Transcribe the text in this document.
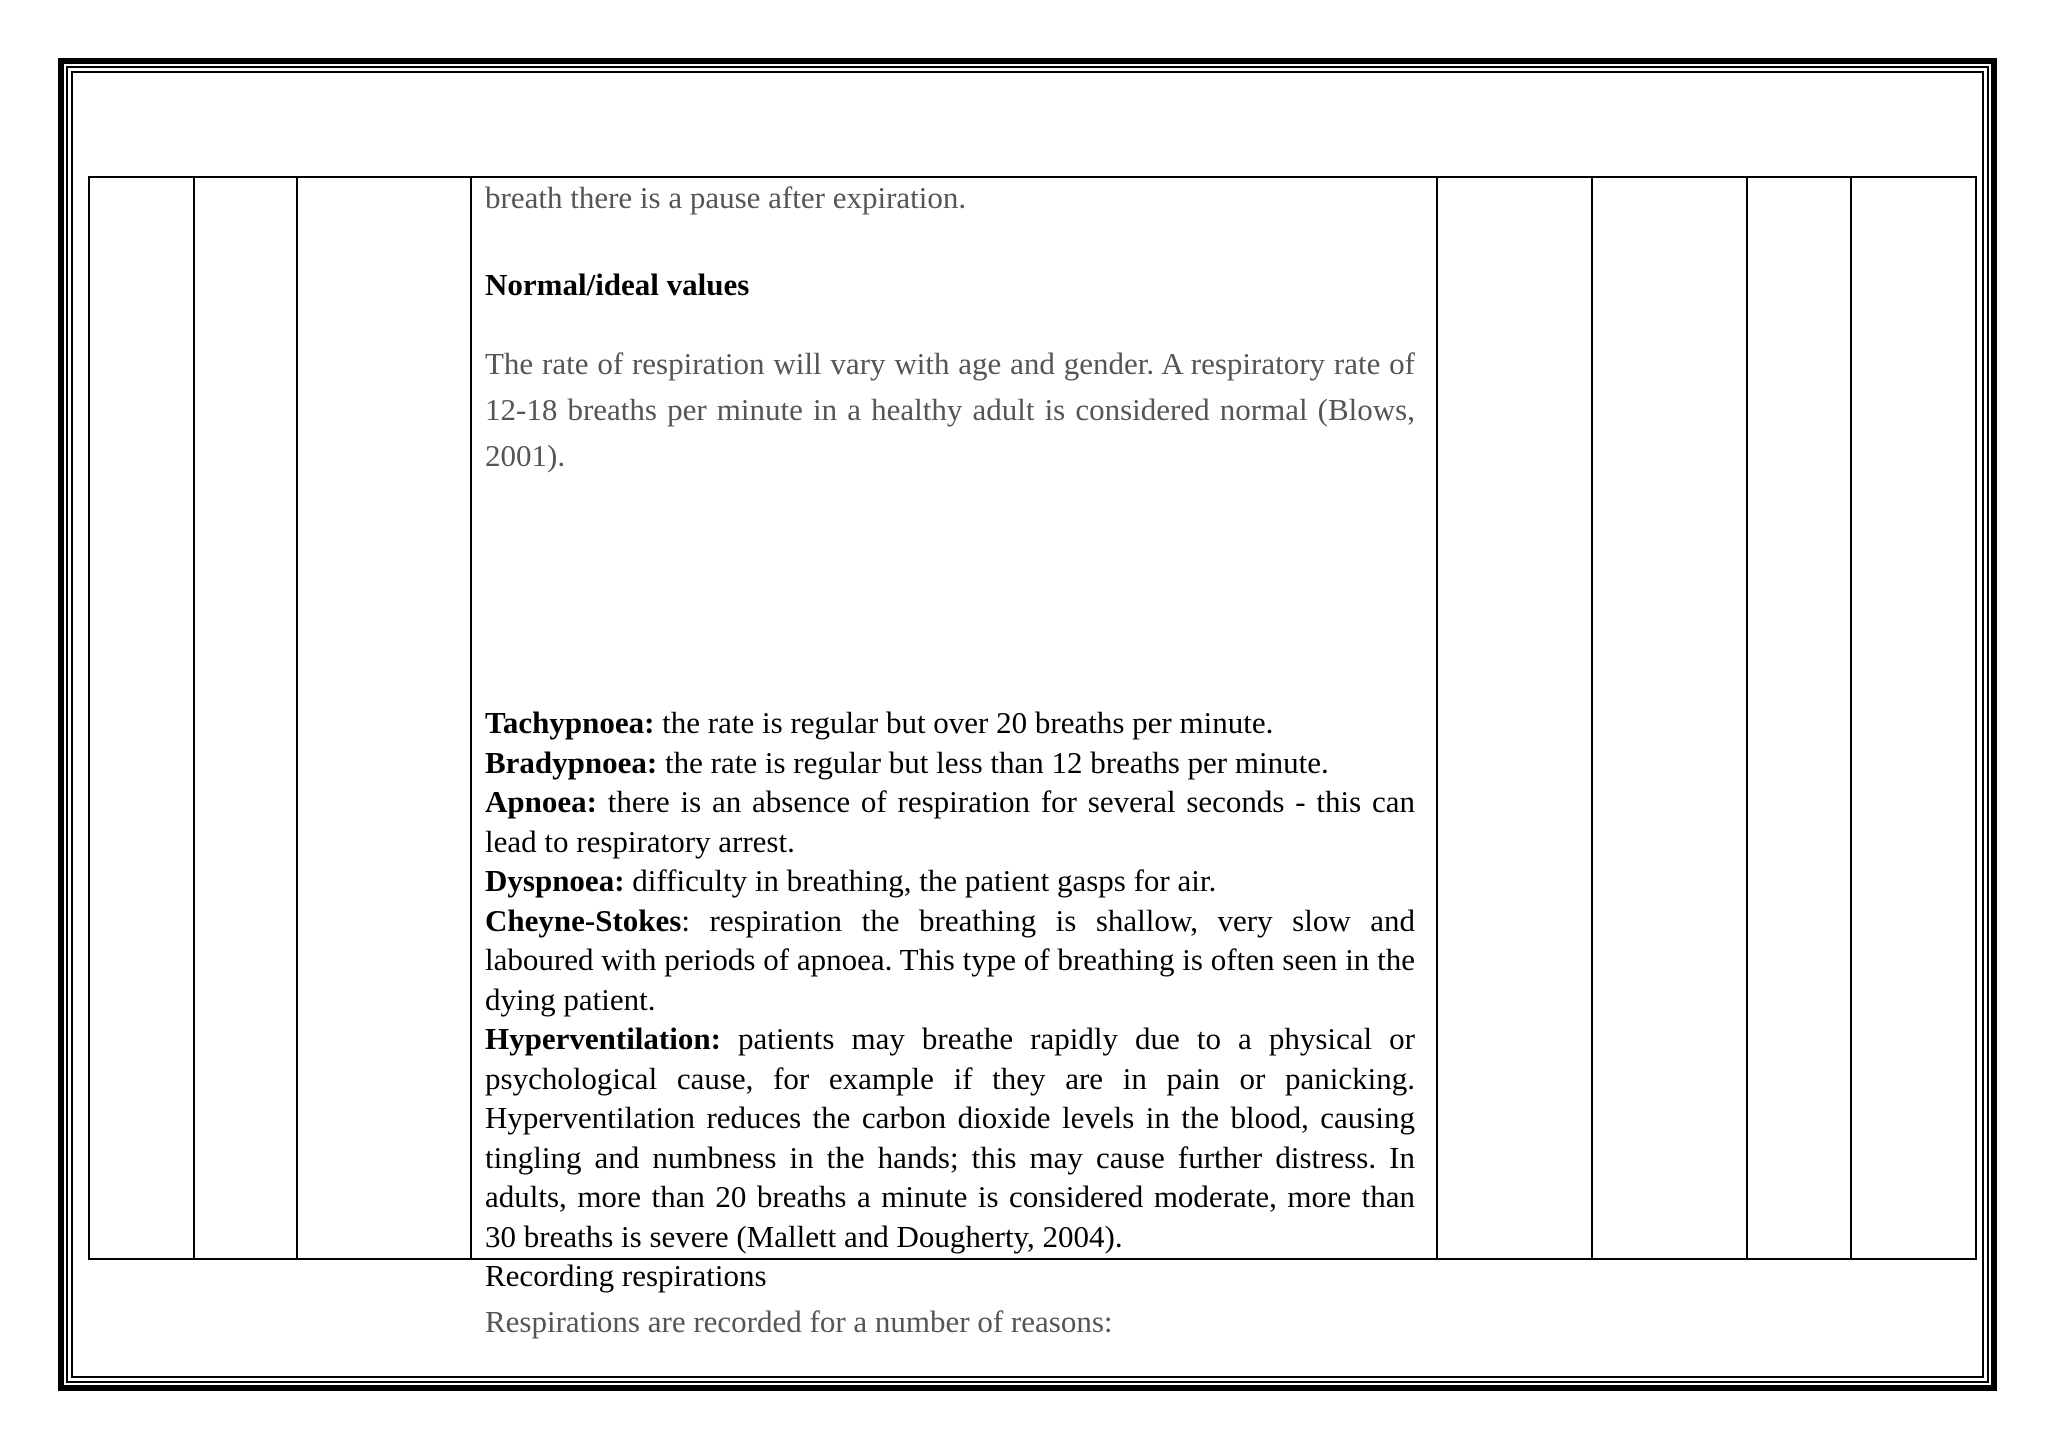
breath there is a pause after expiration.
Normal/ideal values
The rate of respiration will vary with age and gender. A respiratory rate of 12-18 breaths per minute in a healthy adult is considered normal (Blows, 2001).
Tachypnoea: the rate is regular but over 20 breaths per minute.
Bradypnoea: the rate is regular but less than 12 breaths per minute.
Apnoea: there is an absence of respiration for several seconds - this can lead to respiratory arrest.
Dyspnoea: difficulty in breathing, the patient gasps for air.
Cheyne-Stokes: respiration the breathing is shallow, very slow and laboured with periods of apnoea. This type of breathing is often seen in the dying patient.
Hyperventilation: patients may breathe rapidly due to a physical or psychological cause, for example if they are in pain or panicking. Hyperventilation reduces the carbon dioxide levels in the blood, causing tingling and numbness in the hands; this may cause further distress. In adults, more than 20 breaths a minute is considered moderate, more than 30 breaths is severe (Mallett and Dougherty, 2004).
Recording respirations
Respirations are recorded for a number of reasons:
